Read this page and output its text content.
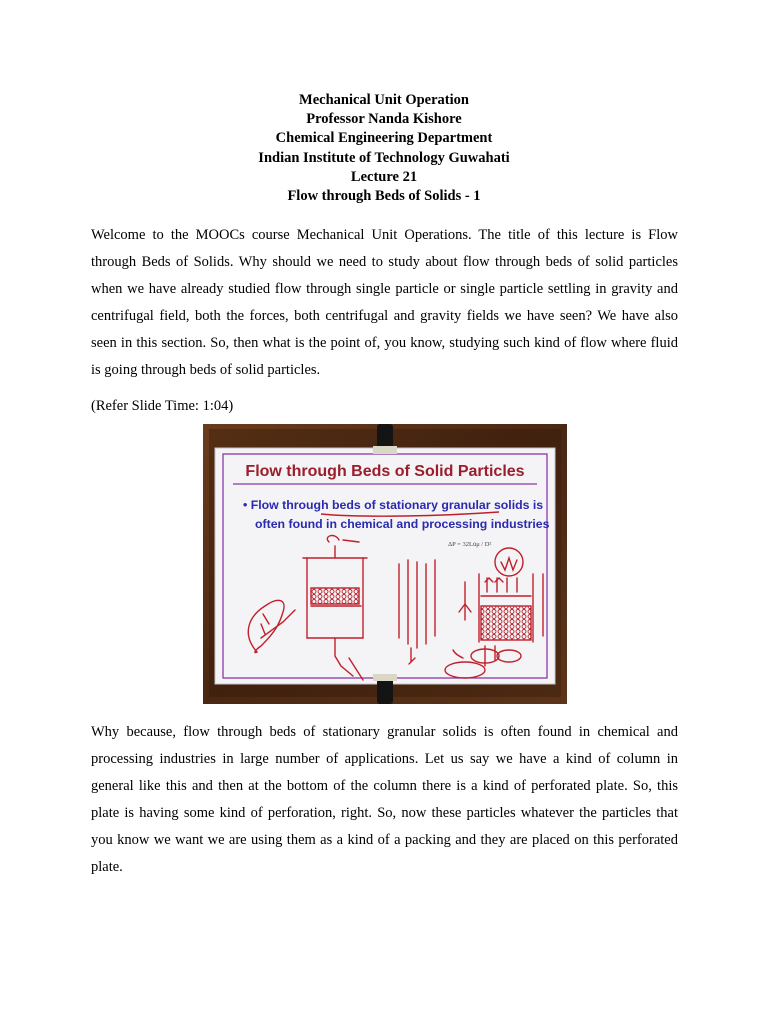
Mechanical Unit Operation
Professor Nanda Kishore
Chemical Engineering Department
Indian Institute of Technology Guwahati
Lecture 21
Flow through Beds of Solids - 1
Welcome to the MOOCs course Mechanical Unit Operations. The title of this lecture is Flow through Beds of Solids. Why should we need to study about flow through beds of solid particles when we have already studied flow through single particle or single particle settling in gravity and centrifugal field, both the forces, both centrifugal and gravity fields we have seen? We have also seen in this section. So, then what is the point of, you know, studying such kind of flow where fluid is going through beds of solid particles.
(Refer Slide Time: 1:04)
Flow through Beds of Solid Particles
• Flow through beds of stationary granular solids is
often found in chemical and processing industries
ΔP = 32Lūμ / D²
Why because, flow through beds of stationary granular solids is often found in chemical and processing industries in large number of applications. Let us say we have a kind of column in general like this and then at the bottom of the column there is a kind of perforated plate. So, this plate is having some kind of perforation, right. So, now these particles whatever the particles that you know we want we are using them as a kind of a packing and they are placed on this perforated plate.
